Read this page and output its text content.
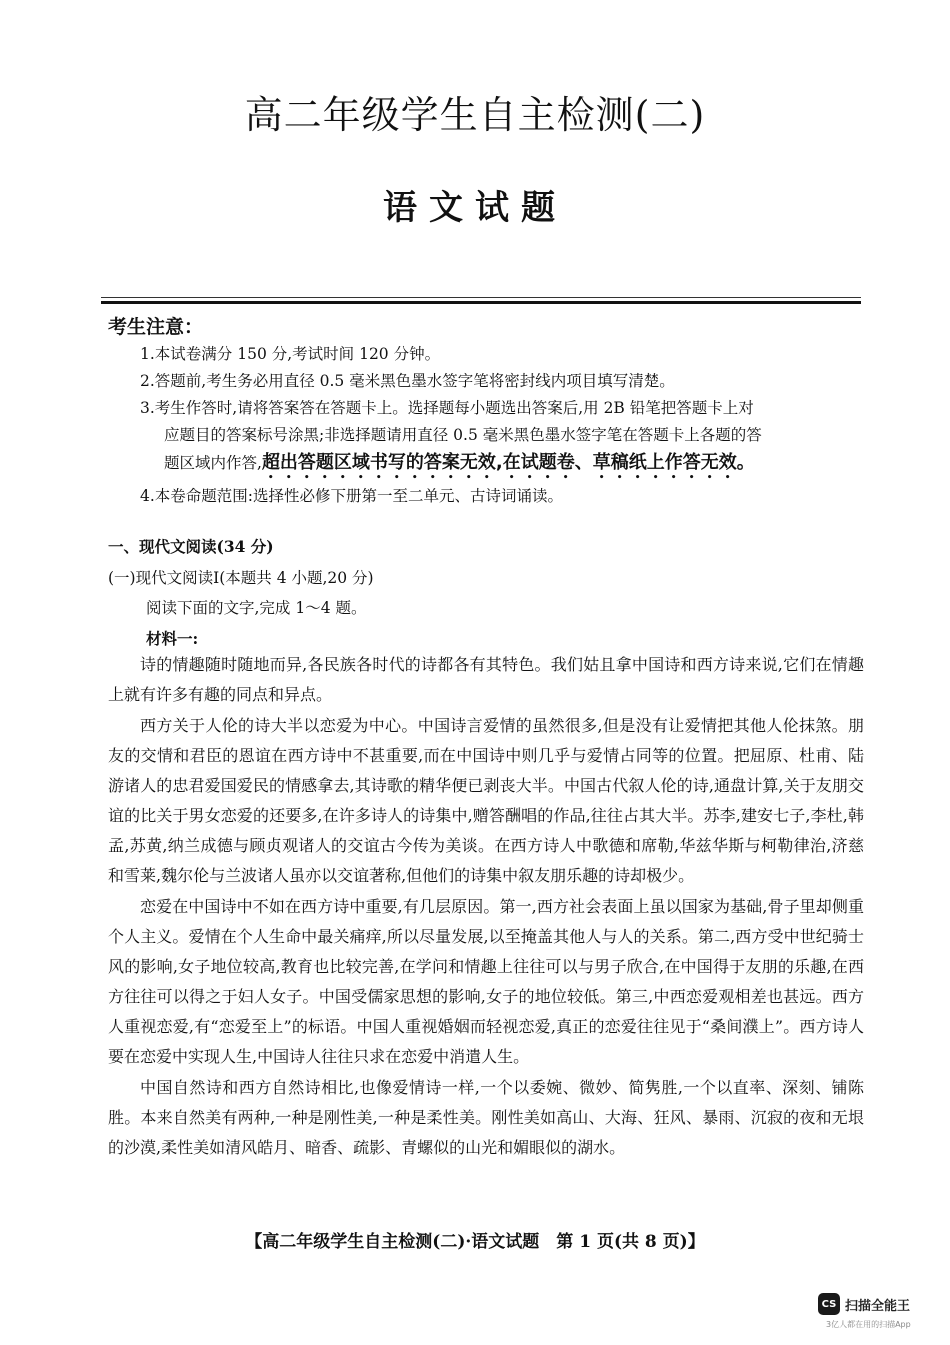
高二年级学生自主检测(二)
语文试题
考生注意：
1.本试卷满分 150 分,考试时间 120 分钟。
2.答题前,考生务必用直径 0.5 毫米黑色墨水签字笔将密封线内项目填写清楚。
3.考生作答时,请将答案答在答题卡上。选择题每小题选出答案后,用 2B 铅笔把答题卡上对
应题目的答案标号涂黑;非选择题请用直径 0.5 毫米黑色墨水签字笔在答题卡上各题的答
题区域内作答,超出答题区域书写的答案无效,在试题卷、草稿纸上作答无效。
4.本卷命题范围:选择性必修下册第一至二单元、古诗词诵读。
一、现代文阅读(34 分)
(一)现代文阅读Ⅰ(本题共 4 小题,20 分)
阅读下面的文字,完成 1～4 题。
材料一:

诗的情趣随时随地而异,各民族各时代的诗都各有其特色。我们姑且拿中国诗和西方诗来说,它们在情趣上就有许多有趣的同点和异点。

西方关于人伦的诗大半以恋爱为中心。中国诗言爱情的虽然很多,但是没有让爱情把其他人伦抹煞。朋友的交情和君臣的恩谊在西方诗中不甚重要,而在中国诗中则几乎与爱情占同等的位置。把屈原、杜甫、陆游诸人的忠君爱国爱民的情感拿去,其诗歌的精华便已剥丧大半。中国古代叙人伦的诗,通盘计算,关于友朋交谊的比关于男女恋爱的还要多,在许多诗人的诗集中,赠答酬唱的作品,往往占其大半。苏李,建安七子,李杜,韩孟,苏黄,纳兰成德与顾贞观诸人的交谊古今传为美谈。在西方诗人中歌德和席勒,华兹华斯与柯勒律治,济慈和雪莱,魏尔伦与兰波诸人虽亦以交谊著称,但他们的诗集中叙友朋乐趣的诗却极少。

恋爱在中国诗中不如在西方诗中重要,有几层原因。第一,西方社会表面上虽以国家为基础,骨子里却侧重个人主义。爱情在个人生命中最关痛痒,所以尽量发展,以至掩盖其他人与人的关系。第二,西方受中世纪骑士风的影响,女子地位较高,教育也比较完善,在学问和情趣上往往可以与男子欣合,在中国得于友朋的乐趣,在西方往往可以得之于妇人女子。中国受儒家思想的影响,女子的地位较低。第三,中西恋爱观相差也甚远。西方人重视恋爱,有“恋爱至上”的标语。中国人重视婚姻而轻视恋爱,真正的恋爱往往见于“桑间濮上”。西方诗人要在恋爱中实现人生,中国诗人往往只求在恋爱中消遣人生。

中国自然诗和西方自然诗相比,也像爱情诗一样,一个以委婉、微妙、简隽胜,一个以直率、深刻、铺陈胜。本来自然美有两种,一种是刚性美,一种是柔性美。刚性美如高山、大海、狂风、暴雨、沉寂的夜和无垠的沙漠,柔性美如清风皓月、暗香、疏影、青螺似的山光和媚眼似的湖水。

【高二年级学生自主检测(二)·语文试题　第 1 页(共 8 页)】
CS 扫描全能王
3亿人都在用的扫描App
